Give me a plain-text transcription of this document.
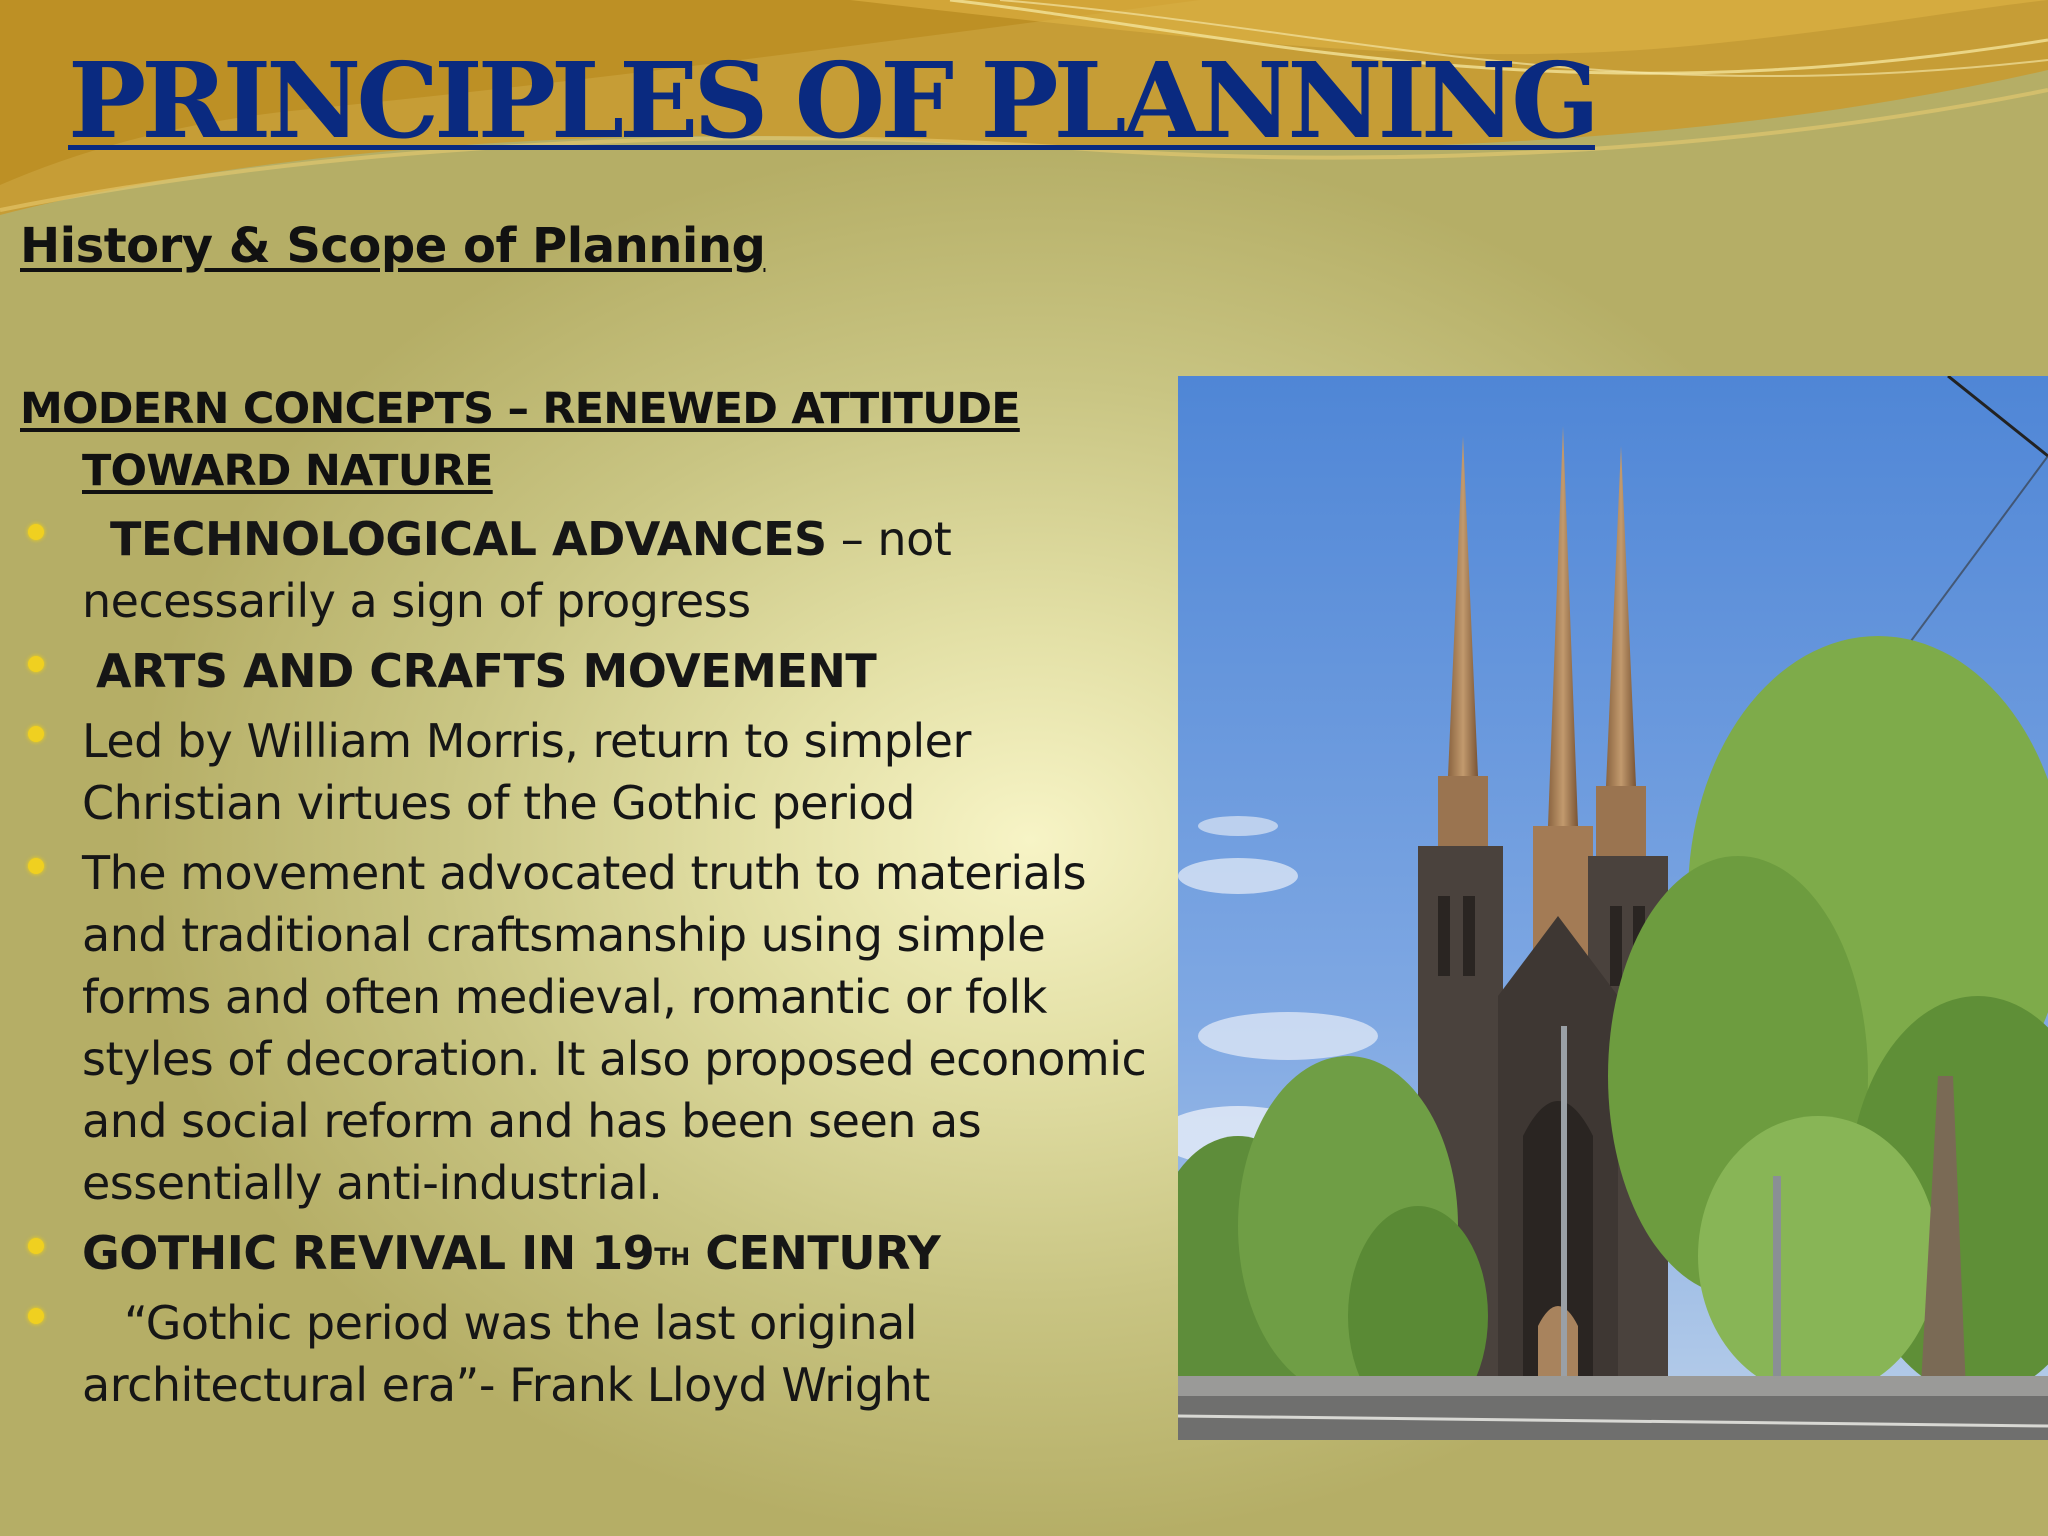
PRINCIPLES OF PLANNING
History & Scope of Planning
MODERN CONCEPTS – RENEWED ATTITUDE
TOWARD NATURE
TECHNOLOGICAL ADVANCES – not necessarily a sign of progress
ARTS AND CRAFTS MOVEMENT
Led by William Morris, return to simpler Christian virtues of the Gothic period
The movement advocated truth to materials and traditional craftsmanship using simple forms and often medieval, romantic or folk styles of decoration. It also proposed economic and social reform and has been seen as essentially anti-industrial.
GOTHIC REVIVAL IN 19TH CENTURY
“Gothic period was the last original architectural era”- Frank Lloyd Wright
